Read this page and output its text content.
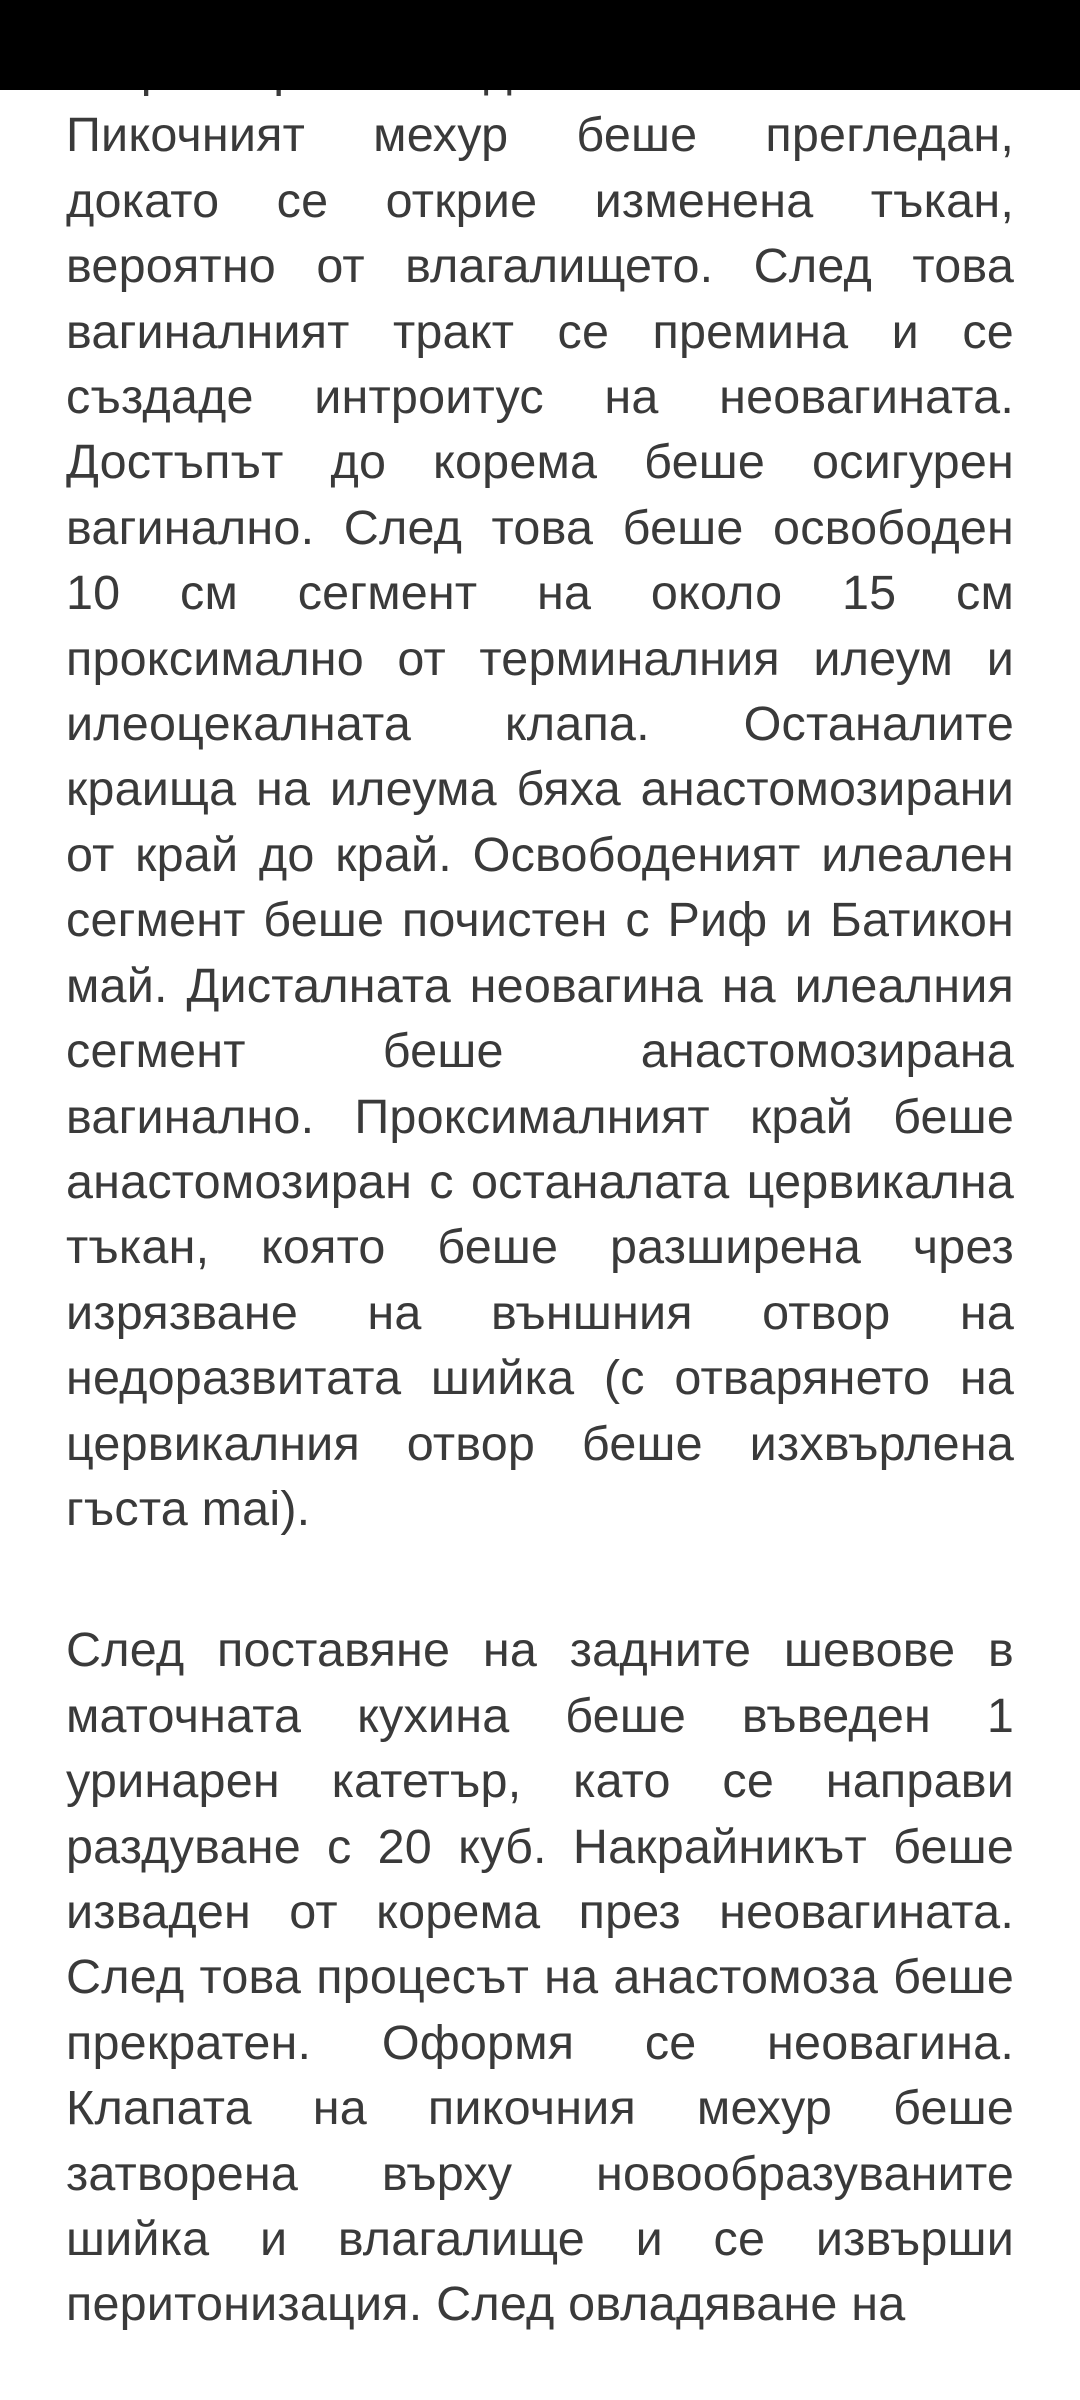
Пикочният мехур беше прегледан, докато се открие изменена тъкан, вероятно от влагалището. След това вагиналният тракт се премина и се създаде интроитус на неовагината. Достъпът до корема беше осигурен вагинално. След това беше освободен 10 см сегмент на около 15 см проксимално от терминалния илеум и илеоцекалната клапа. Останалите краища на илеума бяха анастомозирани от край до край. Освободеният илеален сегмент беше почистен с Риф и Батикон май. Дисталната неовагина на илеалния сегмент беше анастомозирана вагинално. Проксималният край беше анастомозиран с останалата цервикална тъкан, която беше разширена чрез изрязване на външния отвор на недоразвитата шийка (с отварянето на цервикалния отвор беше изхвърлена гъста mai).

След поставяне на задните шевове в маточната кухина беше въведен 1 уринарен катетър, като се направи раздуване с 20 куб. Накрайникът беше изваден от корема през неовагината. След това процесът на анастомоза беше прекратен. Оформя се неовагина. Клапата на пикочния мехур беше затворена върху новообразуваните шийка и влагалище и се извърши перитонизация. След овладяване на
